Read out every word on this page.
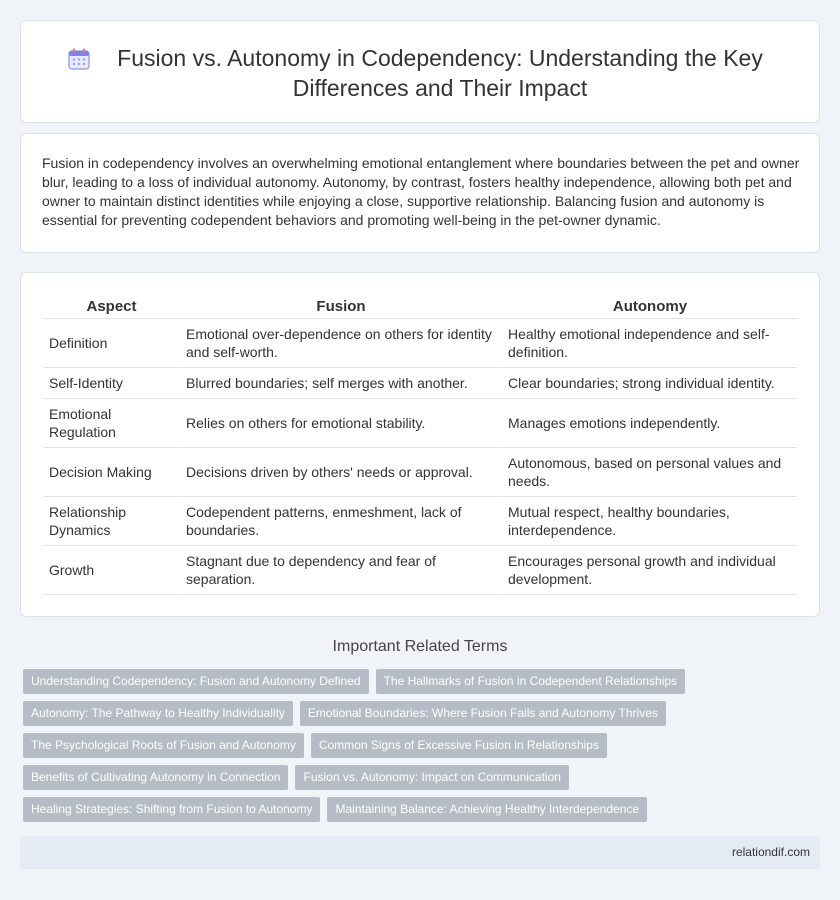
Fusion vs. Autonomy in Codependency: Understanding the Key Differences and Their Impact

Fusion in codependency involves an overwhelming emotional entanglement where boundaries between the pet and owner blur, leading to a loss of individual autonomy. Autonomy, by contrast, fosters healthy independence, allowing both pet and owner to maintain distinct identities while enjoying a close, supportive relationship. Balancing fusion and autonomy is essential for preventing codependent behaviors and promoting well-being in the pet-owner dynamic.

Aspect	Fusion	Autonomy
Definition	Emotional over-dependence on others for identity and self-worth.	Healthy emotional independence and self-definition.
Self-Identity	Blurred boundaries; self merges with another.	Clear boundaries; strong individual identity.
Emotional Regulation	Relies on others for emotional stability.	Manages emotions independently.
Decision Making	Decisions driven by others' needs or approval.	Autonomous, based on personal values and needs.
Relationship Dynamics	Codependent patterns, enmeshment, lack of boundaries.	Mutual respect, healthy boundaries, interdependence.
Growth	Stagnant due to dependency and fear of separation.	Encourages personal growth and individual development.
Important Related Terms
Understanding Codependency: Fusion and Autonomy Defined	The Hallmarks of Fusion in Codependent Relationships
Autonomy: The Pathway to Healthy Individuality	Emotional Boundaries: Where Fusion Fails and Autonomy Thrives
The Psychological Roots of Fusion and Autonomy	Common Signs of Excessive Fusion in Relationships
Benefits of Cultivating Autonomy in Connection	Fusion vs. Autonomy: Impact on Communication
Healing Strategies: Shifting from Fusion to Autonomy	Maintaining Balance: Achieving Healthy Interdependence
relationdif.com
